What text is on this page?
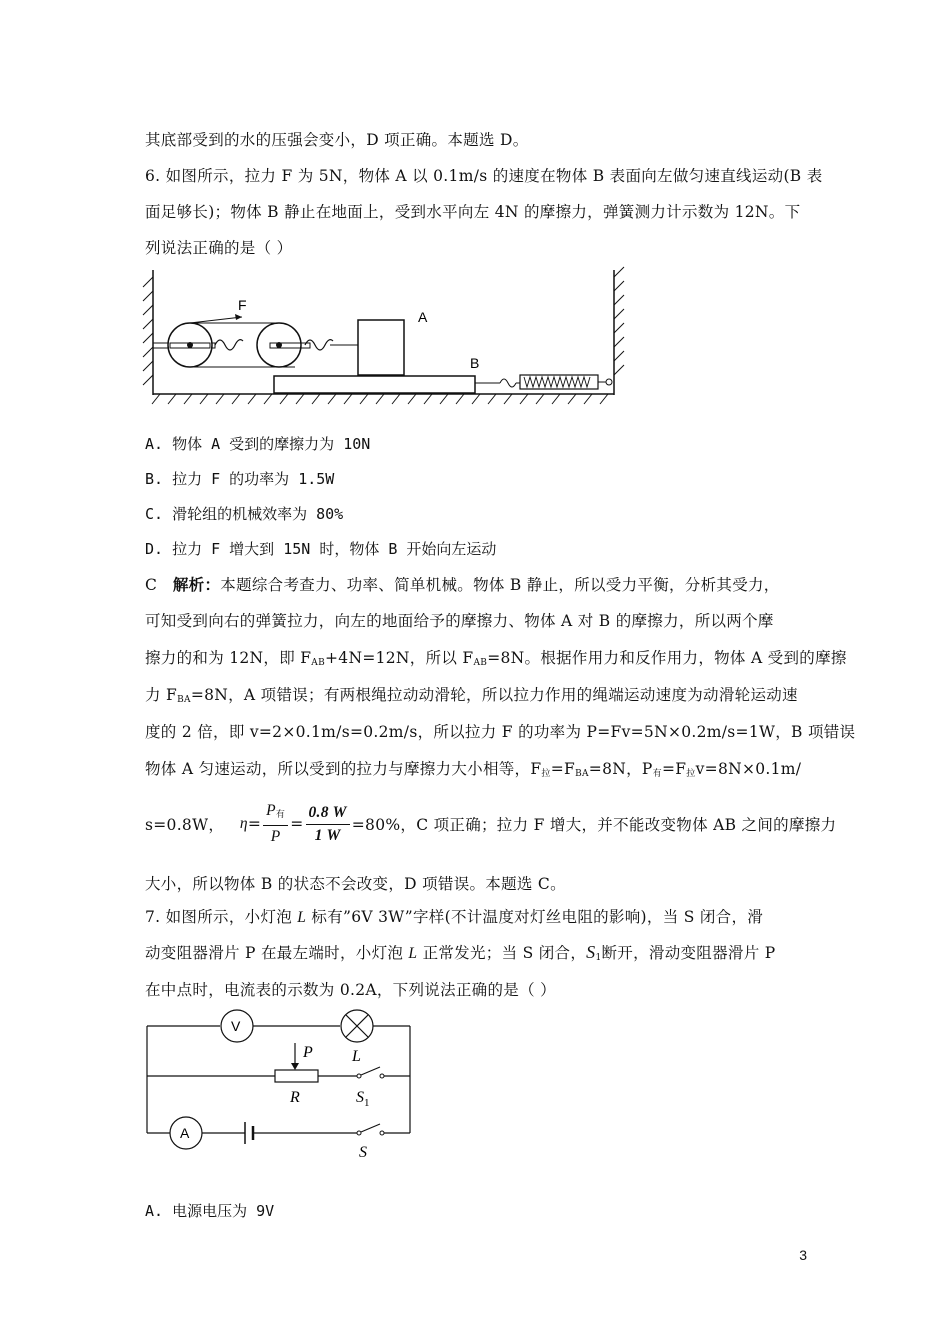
其底部受到的水的压强会变小，D 项正确。本题选 D。
6. 如图所示，拉力 F 为 5N，物体 A 以 0.1m/s 的速度在物体 B 表面向左做匀速直线运动(B 表
面足够长)；物体 B 静止在地面上，受到水平向左 4N 的摩擦力，弹簧测力计示数为 12N。下
列说法正确的是（ ）
F
A
B
A. 物体 A 受到的摩擦力为 10N
B. 拉力 F 的功率为 1.5W
C. 滑轮组的机械效率为 80%
D. 拉力 F 增大到 15N 时，物体 B 开始向左运动
C 解析：本题综合考查力、功率、简单机械。物体 B 静止，所以受力平衡，分析其受力，
可知受到向右的弹簧拉力，向左的地面给予的摩擦力、物体 A 对 B 的摩擦力，所以两个摩
擦力的和为 12N，即 $F_{AB}+4N=12N$，所以 $F_{AB}=8N$。根据作用力和反作用力，物体 A 受到的摩擦
力 $F_{BA}=8N$，A 项错误；有两根绳拉动动滑轮，所以拉力作用的绳端运动速度为动滑轮运动速
度的 2 倍，即 v=2×0.1m/s=0.2m/s，所以拉力 F 的功率为 P=Fv=5N×0.2m/s=1W，B 项错误
物体 A 匀速运动，所以受到的拉力与摩擦力大小相等，$F_拉=F_{BA}=8N$，$P_有=F_拉v=8N\times 0.1m/$
s=0.8W， $\eta= \frac{P_有}{P} = \frac{0.8 W}{1 W} =80\%$，C 项正确；拉力 F 增大，并不能改变物体 AB 之间的摩擦力
大小，所以物体 B 的状态不会改变，D 项错误。本题选 C。
7. 如图所示，小灯泡 L 标有”6V 3W”字样(不计温度对灯丝电阻的影响)，当 S 闭合，滑
动变阻器滑片 P 在最左端时，小灯泡 L 正常发光；当 S 闭合，$S_1$断开，滑动变阻器滑片 P
在中点时，电流表的示数为 0.2A，下列说法正确的是（ ）
V
P L
R	$S_1$
A
S
A. 电源电压为 9V
3
